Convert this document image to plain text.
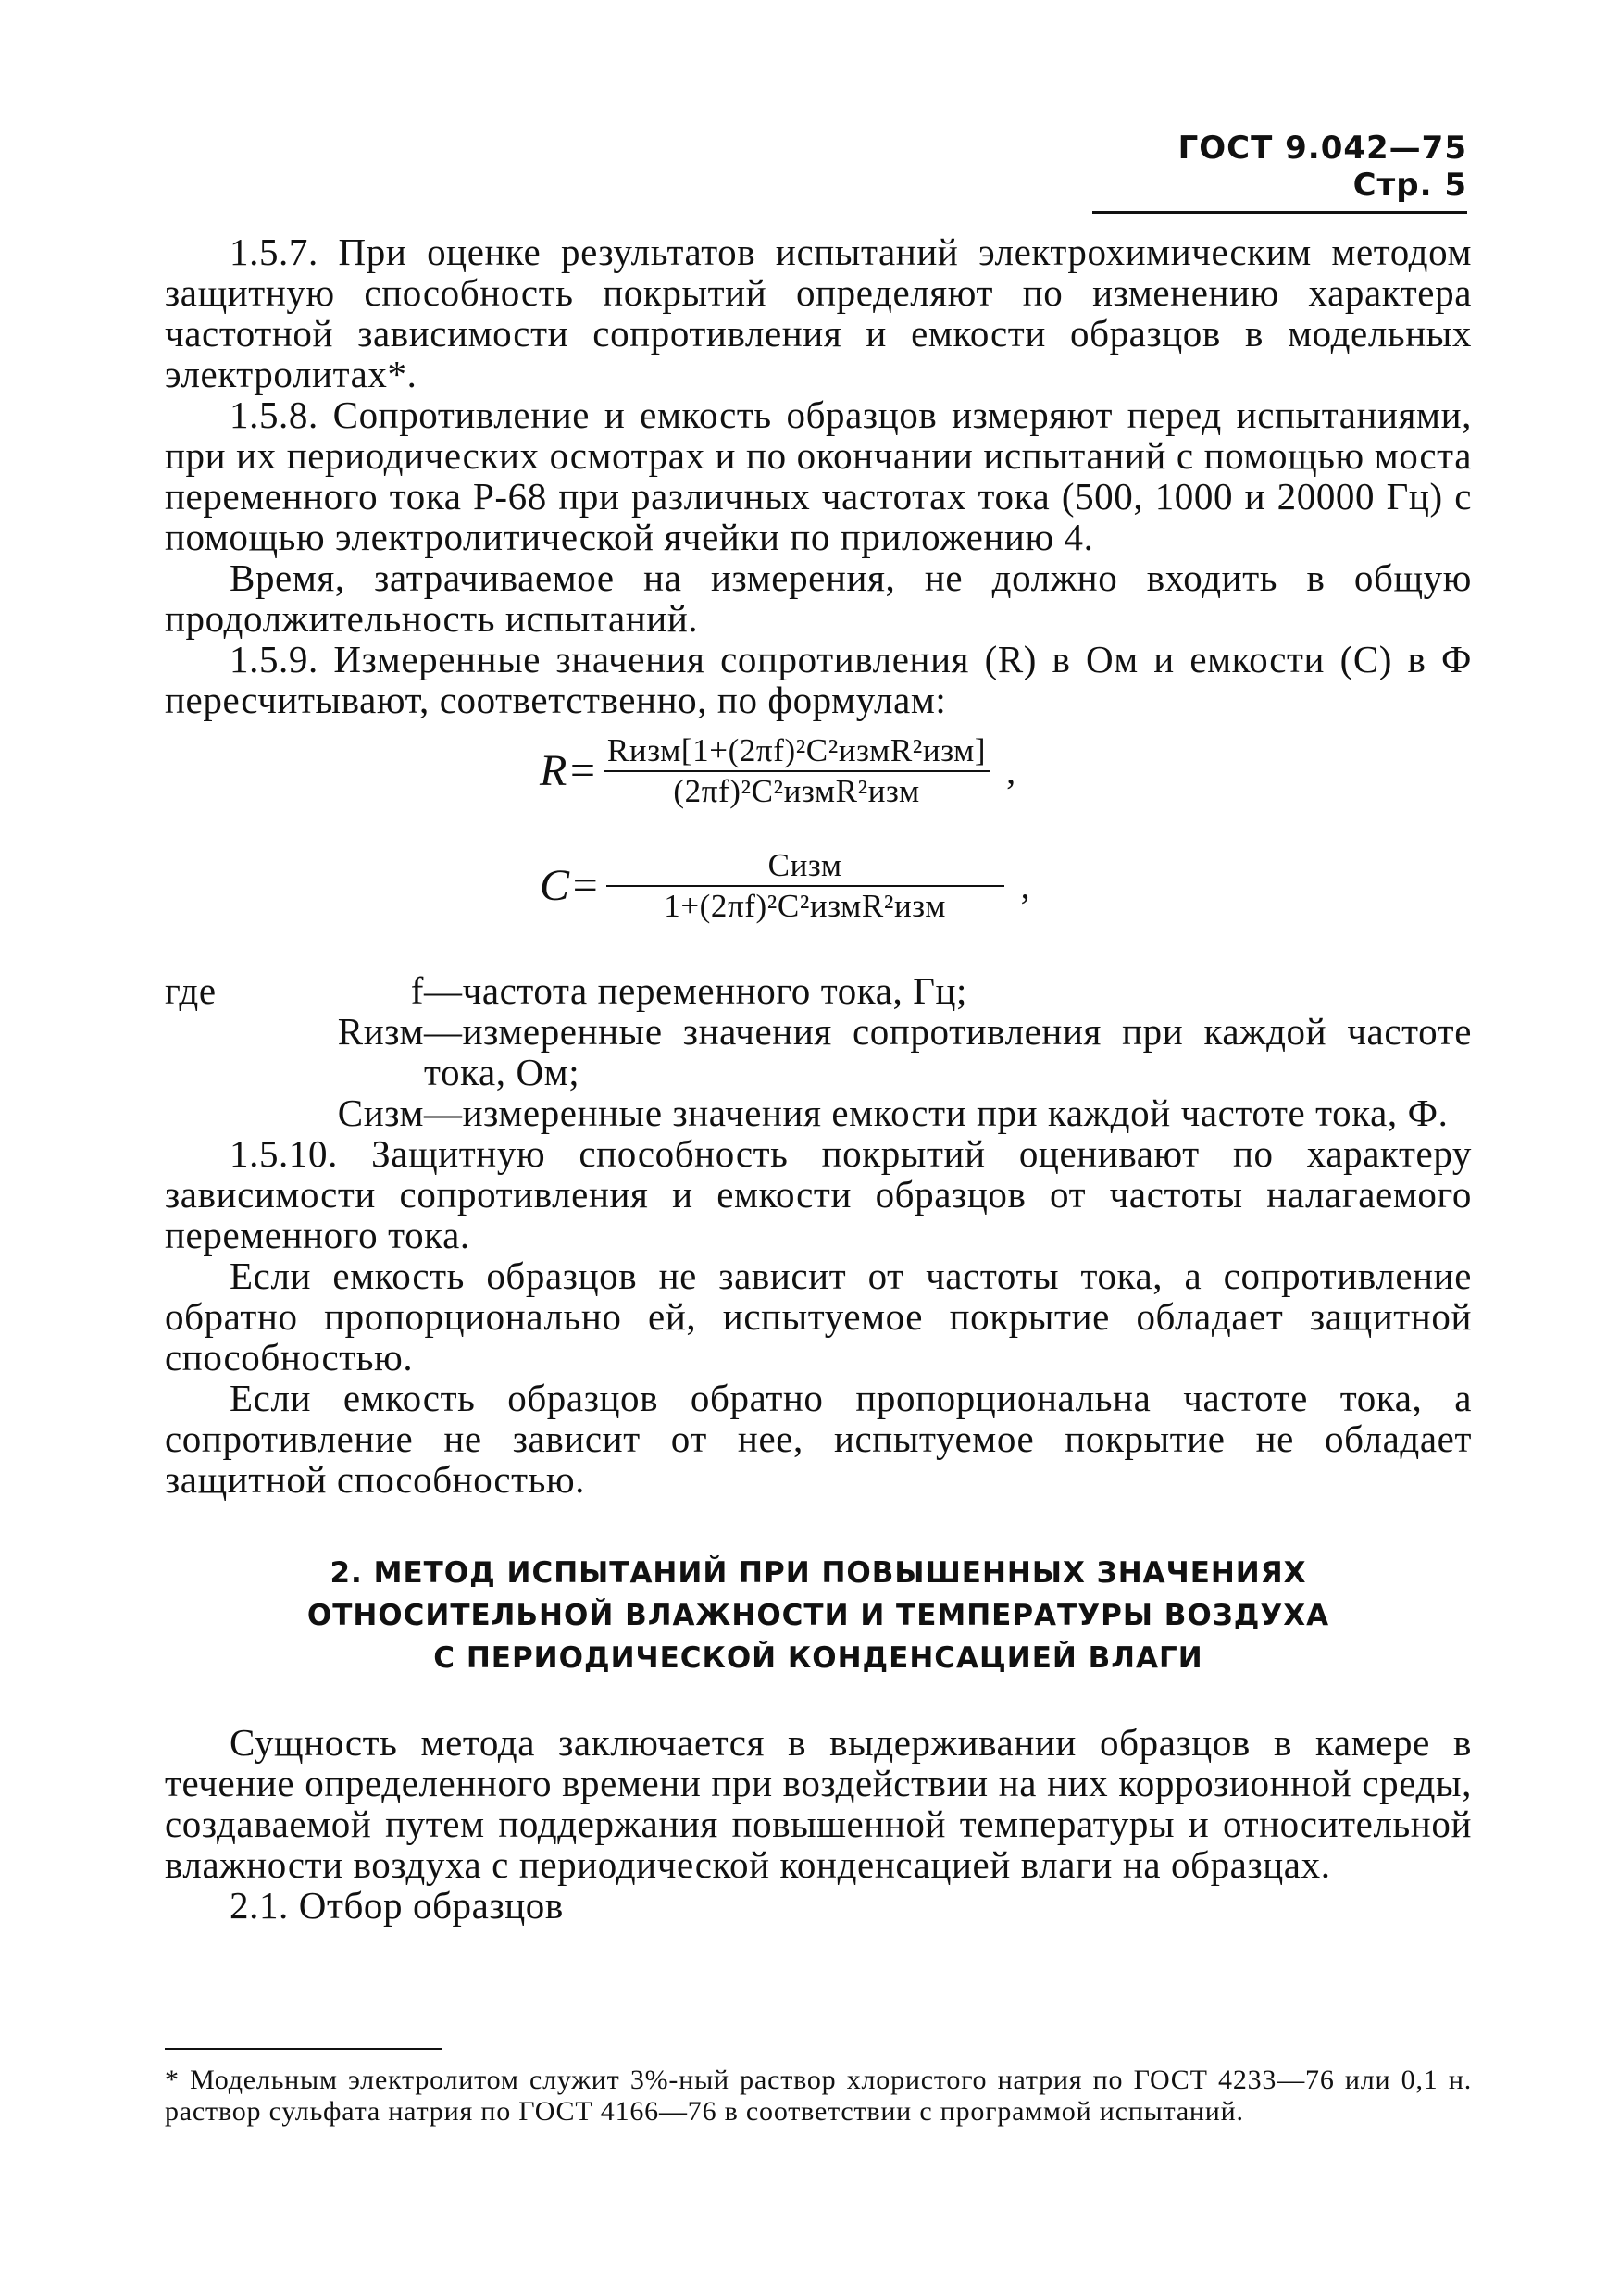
ГОСТ 9.042—75 Стр. 5

1.5.7. При оценке результатов испытаний электрохимическим методом защитную способность покрытий определяют по изменению характера частотной зависимости сопротивления и емкости образцов в модельных электролитах*.

1.5.8. Сопротивление и емкость образцов измеряют перед испытаниями, при их периодических осмотрах и по окончании испытаний с помощью моста переменного тока Р-68 при различных частотах тока (500, 1000 и 20000 Гц) с помощью электролитической ячейки по приложению 4.

Время, затрачиваемое на измерения, не должно входить в общую продолжительность испытаний.

1.5.9. Измеренные значения сопротивления (R) в Ом и емкости (C) в Ф пересчитывают, соответственно, по формулам:

$R= \frac{\text{Rизм[1+(2πf)²C²измR²изм]}}{\text{(2πf)²C²измR²изм}}$ ,
$C= \frac{\text{Cизм}}{\text{1+(2πf)²C²измR²изм}}$ ,
где	f —частота переменного тока, Гц;
Rизм —измеренные значения сопротивления при каждой частоте тока, Ом;
Cизм —измеренные значения емкости при каждой частоте тока, Ф.

1.5.10. Защитную способность покрытий оценивают по характеру зависимости сопротивления и емкости образцов от частоты налагаемого переменного тока.

Если емкость образцов не зависит от частоты тока, а сопротивление обратно пропорционально ей, испытуемое покрытие обладает защитной способностью.

Если емкость образцов обратно пропорциональна частоте тока, а сопротивление не зависит от нее, испытуемое покрытие не обладает защитной способностью.

2. МЕТОД ИСПЫТАНИЙ ПРИ ПОВЫШЕННЫХ ЗНАЧЕНИЯХ
ОТНОСИТЕЛЬНОЙ ВЛАЖНОСТИ И ТЕМПЕРАТУРЫ ВОЗДУХА
С ПЕРИОДИЧЕСКОЙ КОНДЕНСАЦИЕЙ ВЛАГИ

Сущность метода заключается в выдерживании образцов в камере в течение определенного времени при воздействии на них коррозионной среды, создаваемой путем поддержания повышенной температуры и относительной влажности воздуха с периодической конденсацией влаги на образцах.

2.1. Отбор образцов

* Модельным электролитом служит 3%-ный раствор хлористого натрия по ГОСТ 4233—76 или 0,1 н. раствор сульфата натрия по ГОСТ 4166—76 в соответствии с программой испытаний.
